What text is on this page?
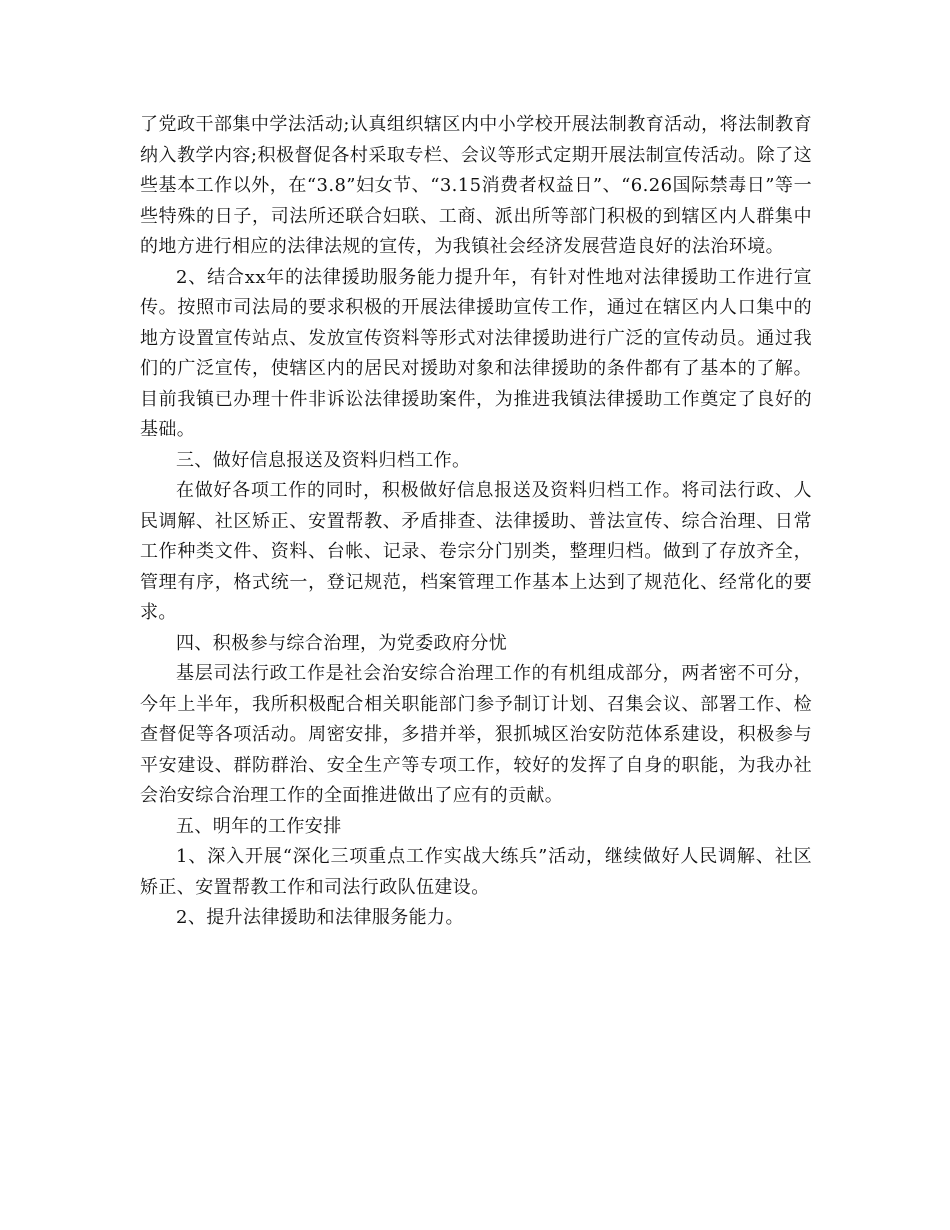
了党政干部集中学法活动;认真组织辖区内中小学校开展法制教育活动，将法制教育纳入教学内容;积极督促各村采取专栏、会议等形式定期开展法制宣传活动。除了这些基本工作以外，在“3.8”妇女节、“3.15消费者权益日”、“6.26国际禁毒日”等一些特殊的日子，司法所还联合妇联、工商、派出所等部门积极的到辖区内人群集中的地方进行相应的法律法规的宣传，为我镇社会经济发展营造良好的法治环境。

2、结合xx年的法律援助服务能力提升年，有针对性地对法律援助工作进行宣传。按照市司法局的要求积极的开展法律援助宣传工作，通过在辖区内人口集中的地方设置宣传站点、发放宣传资料等形式对法律援助进行广泛的宣传动员。通过我们的广泛宣传，使辖区内的居民对援助对象和法律援助的条件都有了基本的了解。目前我镇已办理十件非诉讼法律援助案件，为推进我镇法律援助工作奠定了良好的基础。

三、做好信息报送及资料归档工作。

在做好各项工作的同时，积极做好信息报送及资料归档工作。将司法行政、人民调解、社区矫正、安置帮教、矛盾排查、法律援助、普法宣传、综合治理、日常工作种类文件、资料、台帐、记录、卷宗分门别类，整理归档。做到了存放齐全，管理有序，格式统一，登记规范，档案管理工作基本上达到了规范化、经常化的要求。

四、积极参与综合治理，为党委政府分忧

基层司法行政工作是社会治安综合治理工作的有机组成部分，两者密不可分，今年上半年，我所积极配合相关职能部门参予制订计划、召集会议、部署工作、检查督促等各项活动。周密安排，多措并举，狠抓城区治安防范体系建设，积极参与平安建设、群防群治、安全生产等专项工作，较好的发挥了自身的职能，为我办社会治安综合治理工作的全面推进做出了应有的贡献。

五、明年的工作安排

1、深入开展“深化三项重点工作实战大练兵”活动，继续做好人民调解、社区矫正、安置帮教工作和司法行政队伍建设。

2、提升法律援助和法律服务能力。
